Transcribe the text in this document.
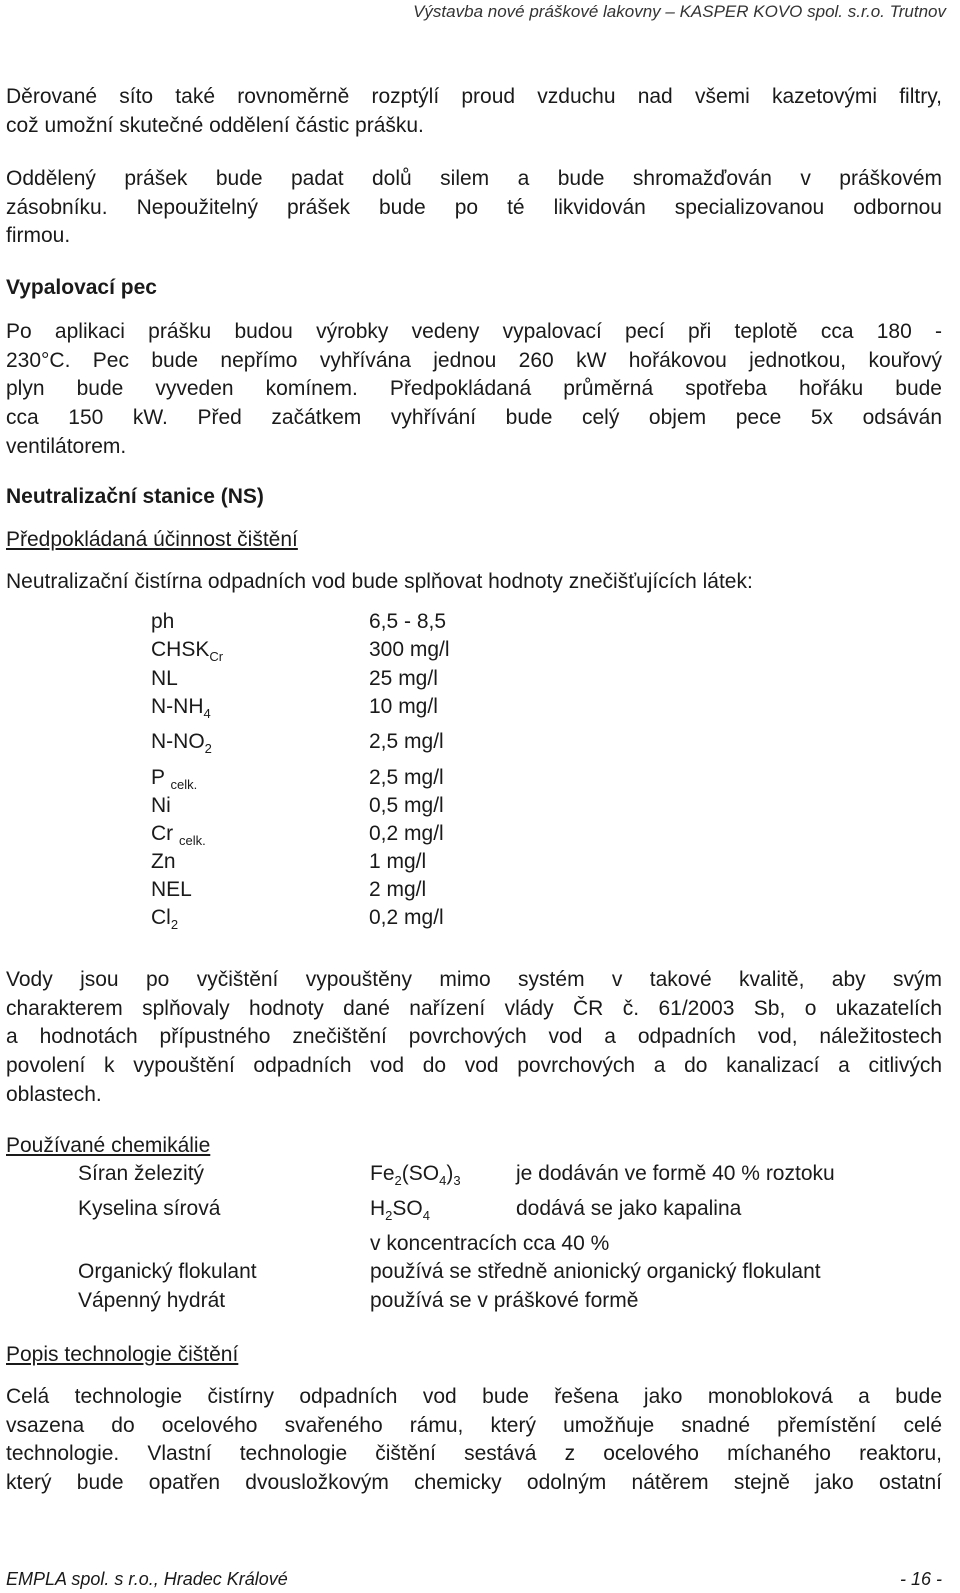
Výstavba nové práškové lakovny – KASPER KOVO spol. s.r.o. Trutnov
Děrované síto také rovnoměrně rozptýlí proud vzduchu nad všemi kazetovými filtry,
což umožní skutečné oddělení částic prášku.
Oddělený prášek bude padat dolů silem a bude shromažďován v práškovém
zásobníku. Nepoužitelný prášek bude po té likvidován specializovanou odbornou
firmou.
Vypalovací pec
Po aplikaci prášku budou výrobky vedeny vypalovací pecí při teplotě cca 180 -
230°C. Pec bude nepřímo vyhřívána jednou 260 kW hořákovou jednotkou, kouřový
plyn bude vyveden komínem. Předpokládaná průměrná spotřeba hořáku bude
cca 150 kW. Před začátkem vyhřívání bude celý objem pece 5x odsáván
ventilátorem.
Neutralizační stanice (NS)
Předpokládaná účinnost čištění
Neutralizační čistírna odpadních vod bude splňovat hodnoty znečišťujících látek:
ph	6,5 - 8,5
$CHSK_{Cr}$	300 mg/l
NL	25 mg/l
$N-NH_4$	10 mg/l
$N-NO_2$	2,5 mg/l
P $_{celk.}$	2,5 mg/l
Ni	0,5 mg/l
Cr $_{celk.}$	0,2 mg/l
Zn	1 mg/l
NEL	2 mg/l
$Cl_2$	0,2 mg/l
Vody jsou po vyčištění vypouštěny mimo systém v takové kvalitě, aby svým
charakterem splňovaly hodnoty dané nařízení vlády ČR č. 61/2003 Sb, o ukazatelích
a hodnotách přípustného znečištění povrchových vod a odpadních vod, náležitostech
povolení k vypouštění odpadních vod do vod povrchových a do kanalizací a citlivých
oblastech.
Používané chemikálie
Síran železitý	$Fe_2(SO_4)_3$	je dodáván ve formě 40 % roztoku
Kyselina sírová	$H_2SO_4$	dodává se jako kapalina
v koncentracích cca 40 %
Organický flokulant	používá se středně anionický organický flokulant
Vápenný hydrát	používá se v práškové formě
Popis technologie čištění
Celá technologie čistírny odpadních vod bude řešena jako monobloková a bude
vsazena do ocelového svařeného rámu, který umožňuje snadné přemístění celé
technologie. Vlastní technologie čištění sestává z ocelového míchaného reaktoru,
který bude opatřen dvousložkovým chemicky odolným nátěrem stejně jako ostatní
EMPLA spol. s r.o., Hradec Králové	- 16 -
